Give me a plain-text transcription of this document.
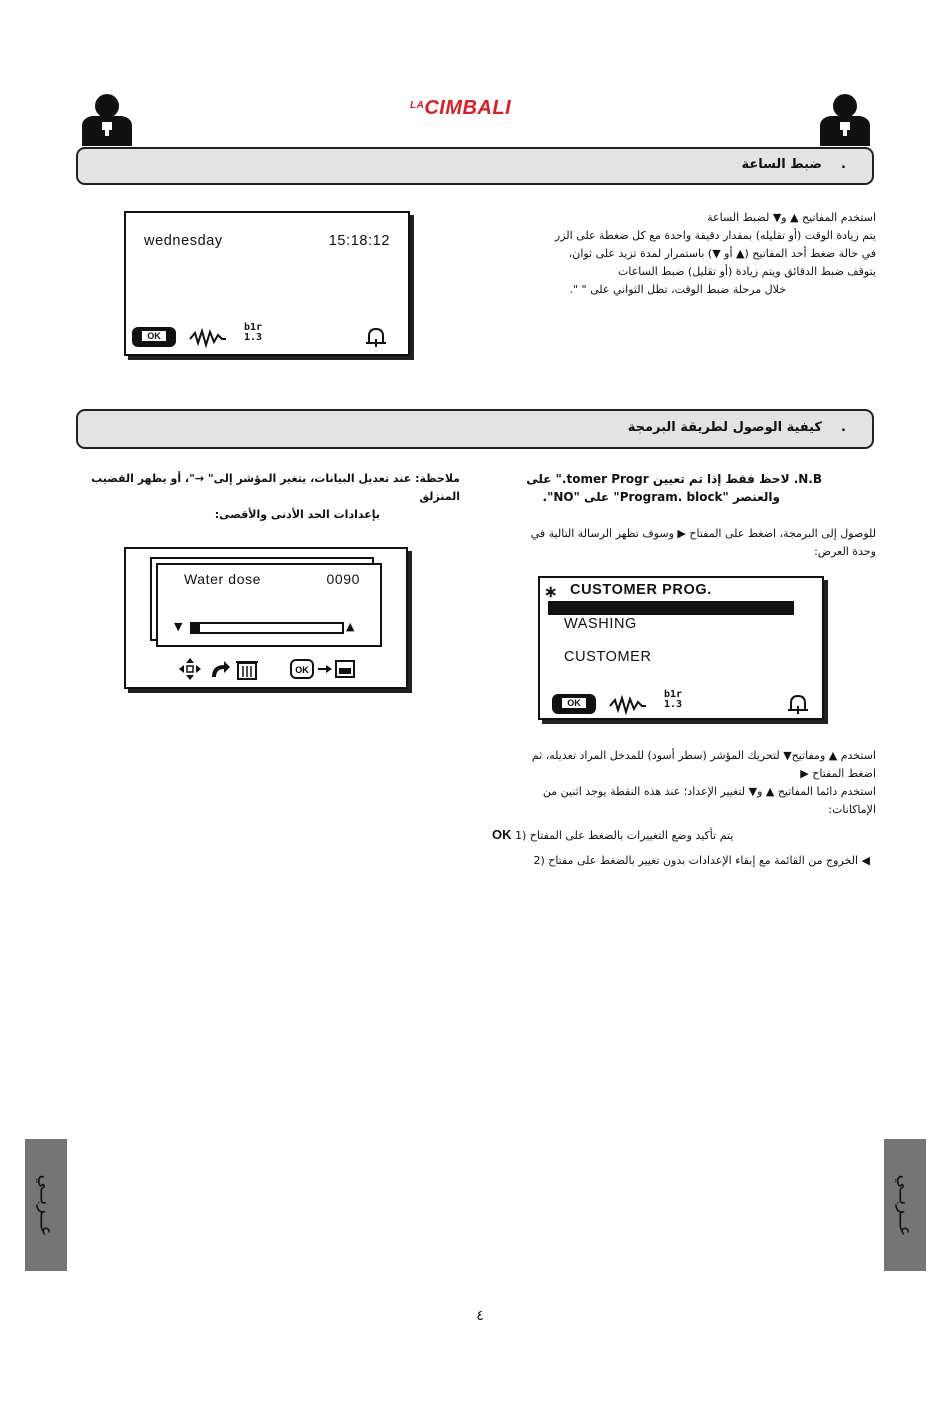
$^{LA}$CIMBALI
ضبط الساعة .
wednesday	15:18:12
OK
b1r
1.3
استخدم المفاتيح ▲ و▼ لضبط الساعة
يتم زيادة الوقت (أو تقليله) بمقدار دقيقة واحدة مع كل ضغطة على الزر
في حالة ضغط أحد المفاتيح (▲ أو ▼) باستمرار لمدة تزيد على ثوان،
يتوقف ضبط الدقائق ويتم زيادة (أو تقليل) ضبط الساعات
خلال مرحلة ضبط الوقت، تظل الثواني على " ".
كيفية الوصول لطريقة البرمجة .
ملاحظة: عند تعديل البيانات، يتغير المؤشر إلى" →"، أو يظهر القضيب المنزلق
بإعدادات الحد الأدنى والأقصى:
Water dose	0090
▼	▲
OK
N.B. لاحظ فقط إذا تم تعيين tomer Progr." على
والعنصر "Program. block" على "NO".
للوصول إلى البرمجة، اضغط على المفتاح ▶ وسوف تظهر الرسالة التالية في
وحدة العرض:
∗ CUSTOMER PROG.
WASHING
CUSTOMER
OK
b1r
1.3
استخدم ▲ ومفاتيح▼ لتحريك المؤشر (سطر أسود) للمدخل المراد تعديله، ثم
اضغط المفتاح ▶
استخدم دائما المفاتيح ▲ و▼ لتغيير الإعداد؛ عند هذه النقطة يوجد اثنين من
الإماكانات:
OK يتم تأكيد وضع التغييرات بالضغط على المفتاح (1
◀ الخروج من القائمة مع إبقاء الإعدادات بدون تغيير بالضغط على مفتاح (2
عــربــي	عــربــي
٤
